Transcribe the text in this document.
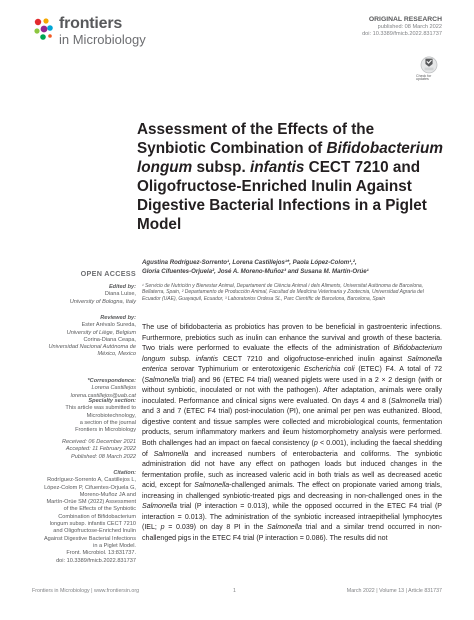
frontiers
in Microbiology
ORIGINAL RESEARCH
published: 08 March 2022
doi: 10.3389/fmicb.2022.831737
Check for updates
Assessment of the Effects of the Synbiotic Combination of Bifidobacterium longum subsp. infantis CECT 7210 and Oligofructose-Enriched Inulin Against Digestive Bacterial Infections in a Piglet Model
OPEN ACCESS
Edited by:
Diana Luise,
University of Bologna, Italy
Reviewed by:
Ester Arévalo Sureda,
University of Liège, Belgium
Corina-Diana Ceapa,
Universidad Nacional Autónoma de
México, Mexico
*Correspondence:
Lorena Castillejos
lorena.castillejos@uab.cat
Specialty section:
This article was submitted to
Microbiotechnology,
a section of the journal
Frontiers in Microbiology
Received: 06 December 2021
Accepted: 11 February 2022
Published: 08 March 2022
Citation:
Rodríguez-Sorrento A, Castillejos L,
López-Colom P, Cifuentes-Orjuela G,
Moreno-Muñoz JA and
Martín-Orúe SM (2022) Assessment
of the Effects of the Synbiotic
Combination of Bifidobacterium
longum subsp. infantis CECT 7210
and Oligofructose-Enriched Inulin
Against Digestive Bacterial Infections
in a Piglet Model.
Front. Microbiol. 13:831737.
doi: 10.3389/fmicb.2022.831737
Agustina Rodríguez-Sorrento¹, Lorena Castillejos¹*, Paola López-Colom¹,²,
Gloria Cifuentes-Orjuela², José A. Moreno-Muñoz³ and Susana M. Martín-Orúe¹

¹ Servicio de Nutrición y Bienestar Animal, Departament de Ciència Animal i dels Aliments, Universitat Autònoma de Barcelona, Bellaterra, Spain, ² Departamento de Producción Animal, Facultad de Medicina Veterinaria y Zootecnia, Universidad Agraria del Ecuador (UAE), Guayaquil, Ecuador, ³ Laboratorios Ordesa SL, Parc Científic de Barcelona, Barcelona, Spain

The use of bifidobacteria as probiotics has proven to be beneficial in gastroenteric infections. Furthermore, prebiotics such as inulin can enhance the survival and growth of these bacteria. Two trials were performed to evaluate the effects of the administration of Bifidobacterium longum subsp. infantis CECT 7210 and oligofructose-enriched inulin against Salmonella enterica serovar Typhimurium or enterotoxigenic Escherichia coli (ETEC) F4. A total of 72 (Salmonella trial) and 96 (ETEC F4 trial) weaned piglets were used in a 2 × 2 design (with or without synbiotic, inoculated or not with the pathogen). After adaptation, animals were orally inoculated. Performance and clinical signs were evaluated. On days 4 and 8 (Salmonella trial) and 3 and 7 (ETEC F4 trial) post-inoculation (PI), one animal per pen was euthanized. Blood, digestive content and tissue samples were collected and microbiological counts, fermentation products, serum inflammatory markers and ileum histomorphometry analysis were performed. Both challenges had an impact on faecal consistency (p < 0.001), including the faecal shedding of Salmonella and increased numbers of enterobacteria and coliforms. The synbiotic administration did not have any effect on pathogen loads but induced changes in the fermentation profile, such as increased valeric acid in both trials as well as decreased acetic acid, except for Salmonella-challenged animals. The effect on propionate varied among trials, increasing in challenged synbiotic-treated pigs and decreasing in non-challenged ones in the Salmonella trial (P interaction = 0.013), while the opposed occurred in the ETEC F4 trial (P interaction = 0.013). The administration of the synbiotic increased intraepithelial lymphocytes (IEL; p = 0.039) on day 8 PI in the Salmonella trial and a similar trend occurred in non-challenged pigs in the ETEC F4 trial (P interaction = 0.086). The results did not
Frontiers in Microbiology | www.frontiersin.org	1	March 2022 | Volume 13 | Article 831737
